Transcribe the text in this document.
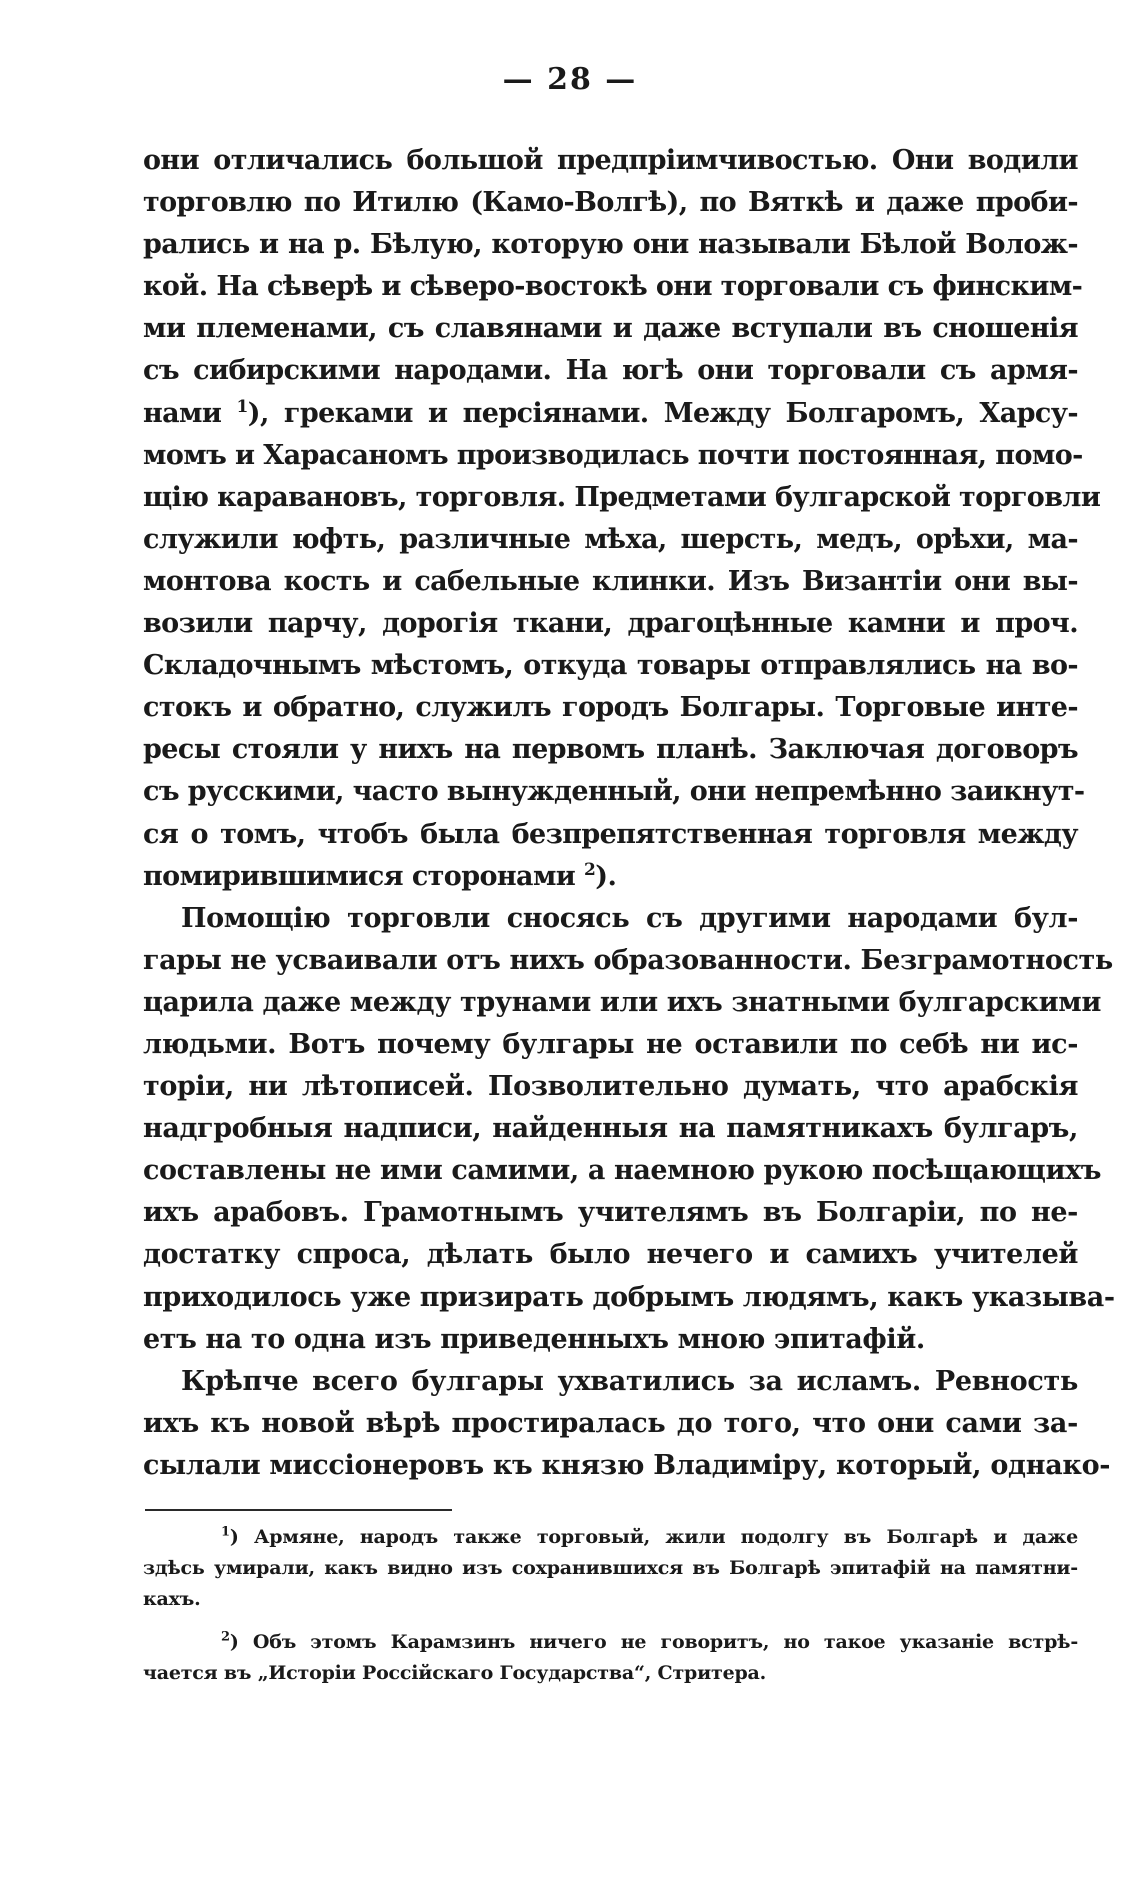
— 28 —
они отличались большой предпріимчивостью. Они водили
торговлю по Итилю (Камо-Волгѣ), по Вяткѣ и даже проби-
рались и на р. Бѣлую, которую они называли Бѣлой Волож-
кой. На сѣверѣ и сѣверо-востокѣ они торговали съ финским-
ми племенами, съ славянами и даже вступали въ сношенія
съ сибирскими народами. На югѣ они торговали съ армя-
нами $^1$), греками и персіянами. Между Болгаромъ, Харсу-
момъ и Харасаномъ производилась почти постоянная, помо-
щію каравановъ, торговля. Предметами булгарской торговли
служили юфть, различные мѣха, шерсть, медъ, орѣхи, ма-
монтова кость и сабельные клинки. Изъ Византіи они вы-
возили парчу, дорогія ткани, драгоцѣнные камни и проч.
Складочнымъ мѣстомъ, откуда товары отправлялись на во-
стокъ и обратно, служилъ городъ Болгары. Торговые инте-
ресы стояли у нихъ на первомъ планѣ. Заключая договоръ
съ русскими, часто вынужденный, они непремѣнно заикнут-
ся о томъ, чтобъ была безпрепятственная торговля между
помирившимися сторонами $^2$).
Помощію торговли сносясь съ другими народами бул-
гары не усваивали отъ нихъ образованности. Безграмотность
царила даже между трунами или ихъ знатными булгарскими
людьми. Вотъ почему булгары не оставили по себѣ ни ис-
торіи, ни лѣтописей. Позволительно думать, что арабскія
надгробныя надписи, найденныя на памятникахъ булгаръ,
составлены не ими самими, а наемною рукою посѣщающихъ
ихъ арабовъ. Грамотнымъ учителямъ въ Болгаріи, по не-
достатку спроса, дѣлать было нечего и самихъ учителей
приходилось уже призирать добрымъ людямъ, какъ указыва-
етъ на то одна изъ приведенныхъ мною эпитафій.
Крѣпче всего булгары ухватились за исламъ. Ревность
ихъ къ новой вѣрѣ простиралась до того, что они сами за-
сылали миссіонеровъ къ князю Владиміру, который, однако-
$^1$) Армяне, народъ также торговый, жили подолгу въ Болгарѣ и даже
здѣсь умирали, какъ видно изъ сохранившихся въ Болгарѣ эпитафій на памятни-
кахъ.
$^2$) Объ этомъ Карамзинъ ничего не говоритъ, но такое указаніе встрѣ-
чается въ „Исторіи Россійскаго Государства“, Стритера.
